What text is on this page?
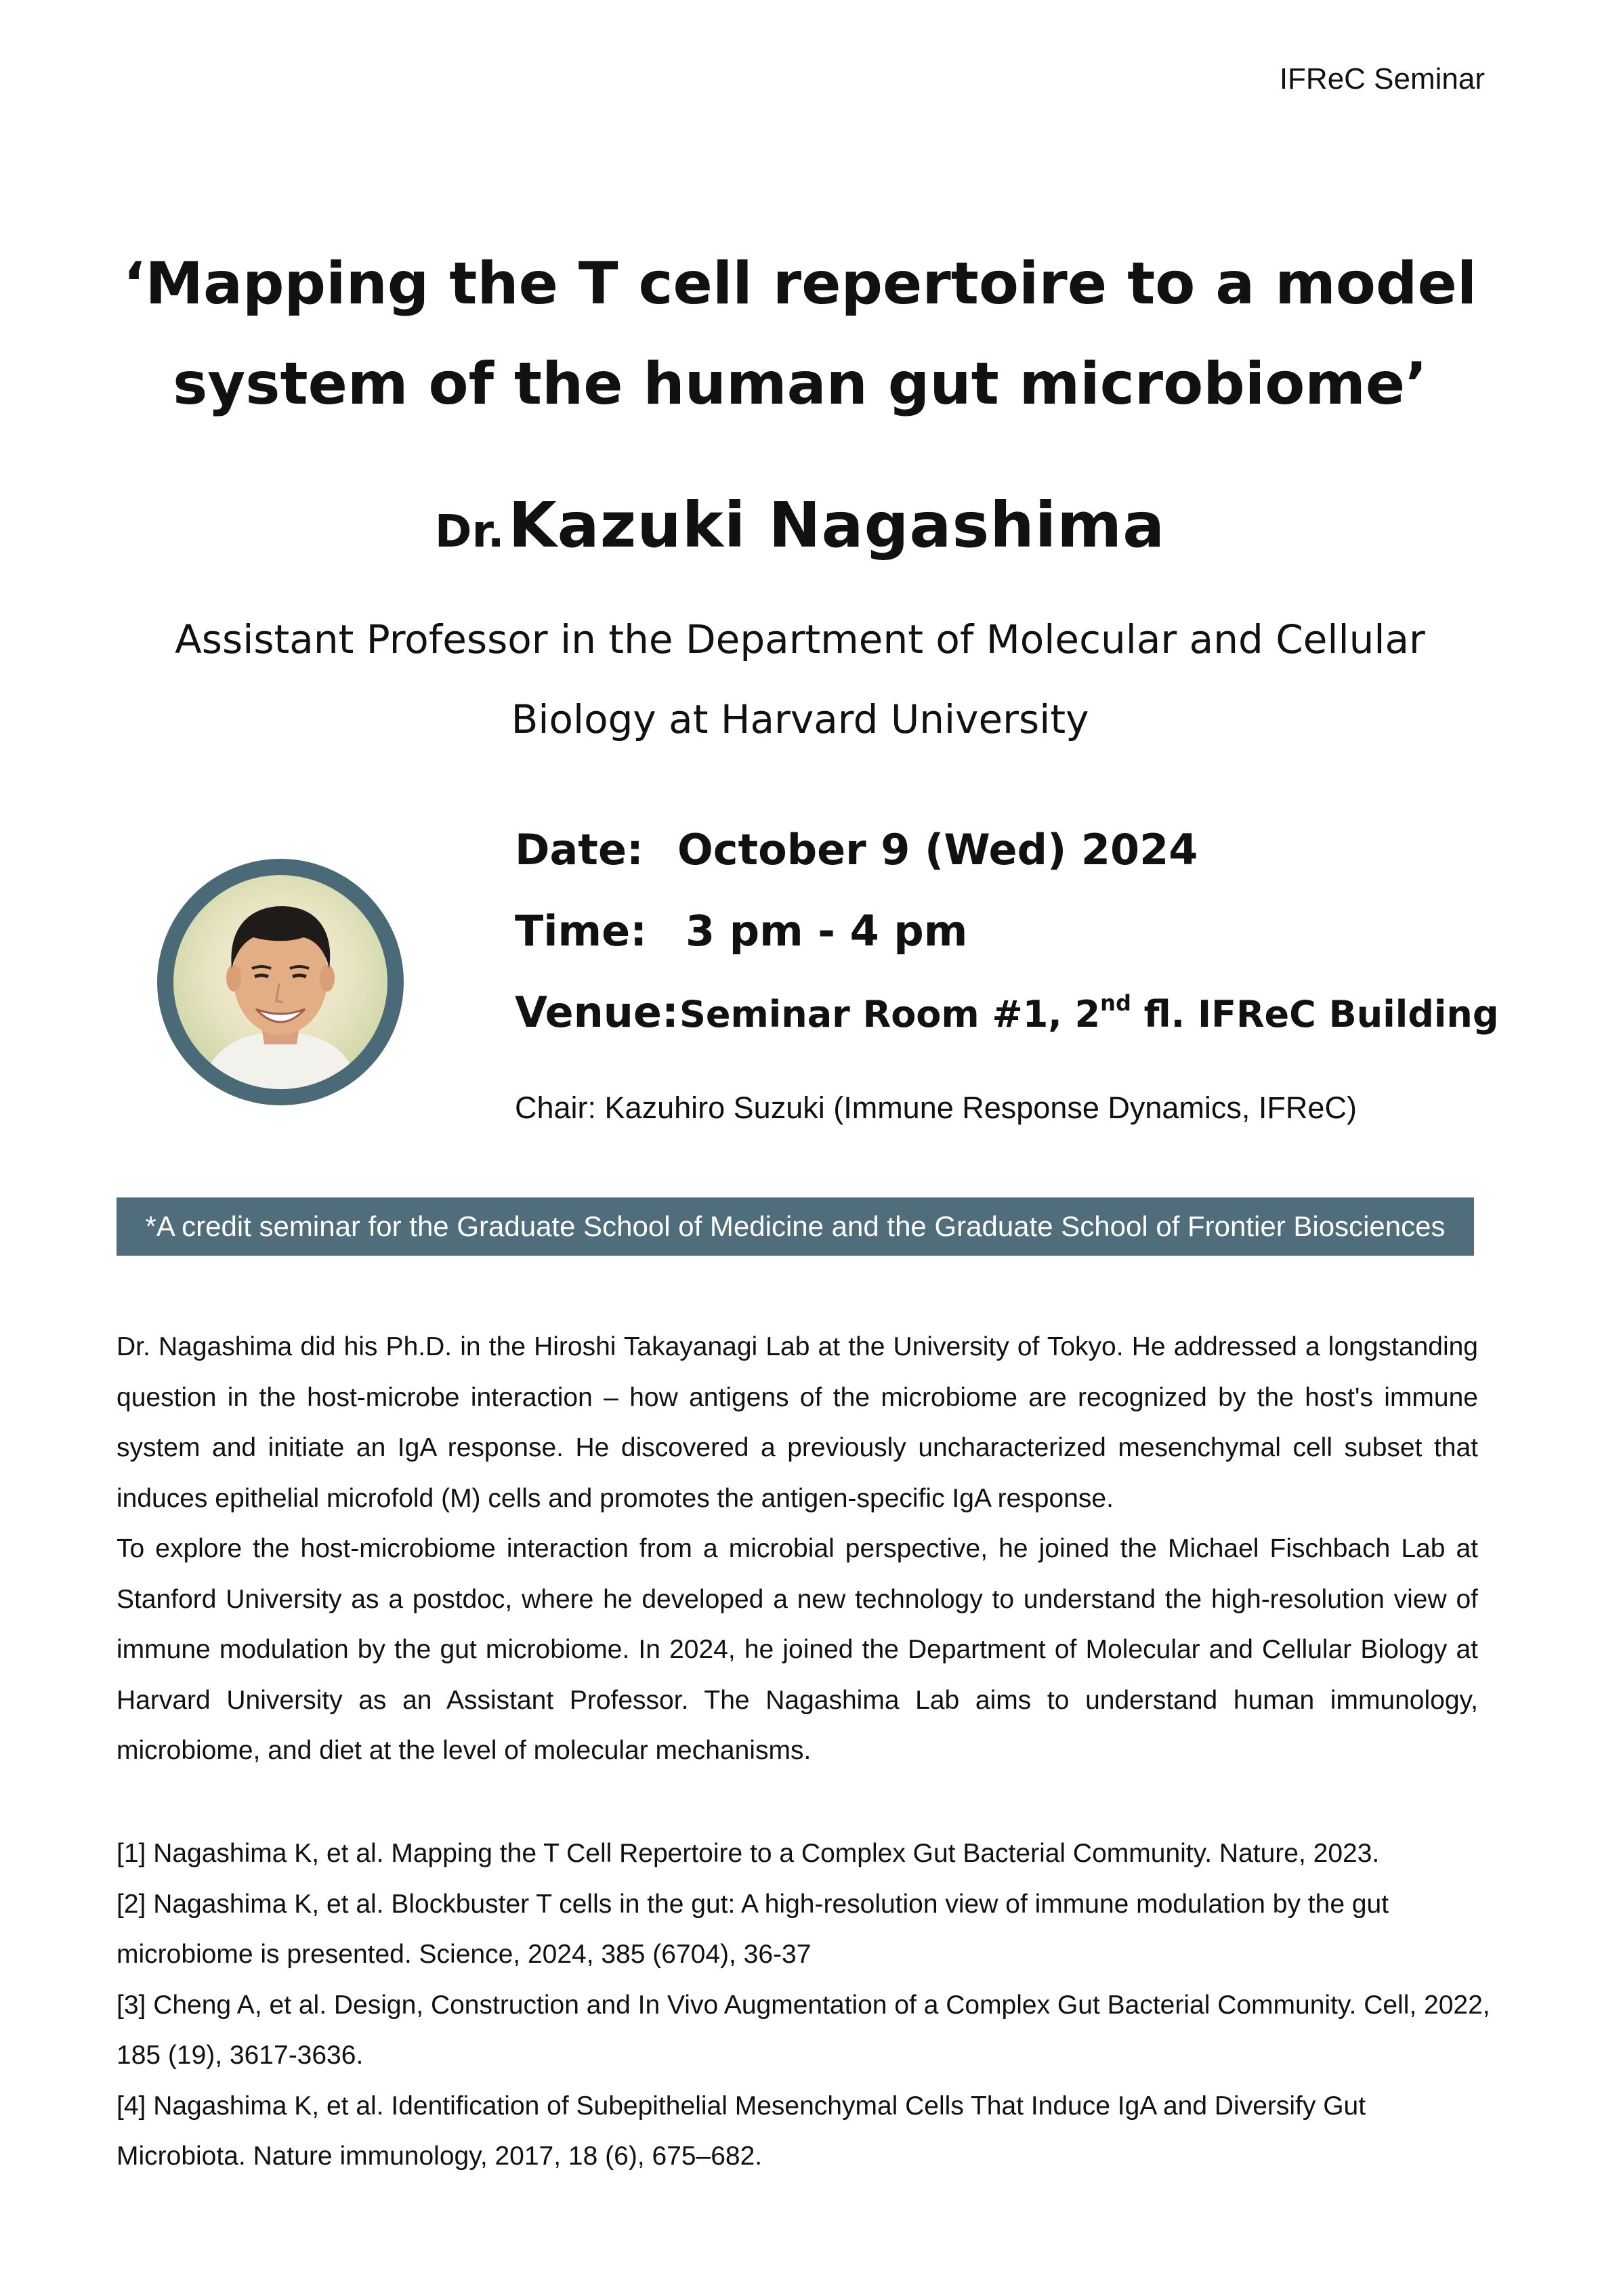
IFReC Seminar
‘Mapping the T cell repertoire to a model
system of the human gut microbiome’
Dr. Kazuki Nagashima
Assistant Professor in the Department of Molecular and Cellular
Biology at Harvard University
Date: October 9 (Wed) 2024
Time: 3 pm - 4 pm
Venue:Seminar Room #1, 2nd fl. IFReC Building
Chair: Kazuhiro Suzuki (Immune Response Dynamics, IFReC)
*A credit seminar for the Graduate School of Medicine and the Graduate School of Frontier Biosciences

Dr. Nagashima did his Ph.D. in the Hiroshi Takayanagi Lab at the University of Tokyo. He addressed a longstanding question in the host-microbe interaction – how antigens of the microbiome are recognized by the host's immune system and initiate an IgA response. He discovered a previously uncharacterized mesenchymal cell subset that induces epithelial microfold (M) cells and promotes the antigen-specific IgA response.

To explore the host-microbiome interaction from a microbial perspective, he joined the Michael Fischbach Lab at Stanford University as a postdoc, where he developed a new technology to understand the high-resolution view of immune modulation by the gut microbiome. In 2024, he joined the Department of Molecular and Cellular Biology at Harvard University as an Assistant Professor. The Nagashima Lab aims to understand human immunology, microbiome, and diet at the level of molecular mechanisms.

[1] Nagashima K, et al. Mapping the T Cell Repertoire to a Complex Gut Bacterial Community. Nature, 2023.

[2] Nagashima K, et al. Blockbuster T cells in the gut: A high-resolution view of immune modulation by the gut microbiome is presented. Science, 2024, 385 (6704), 36-37

[3] Cheng A, et al. Design, Construction and In Vivo Augmentation of a Complex Gut Bacterial Community. Cell, 2022, 185 (19), 3617-3636.

[4] Nagashima K, et al. Identification of Subepithelial Mesenchymal Cells That Induce IgA and Diversify Gut Microbiota. Nature immunology, 2017, 18 (6), 675–682.
